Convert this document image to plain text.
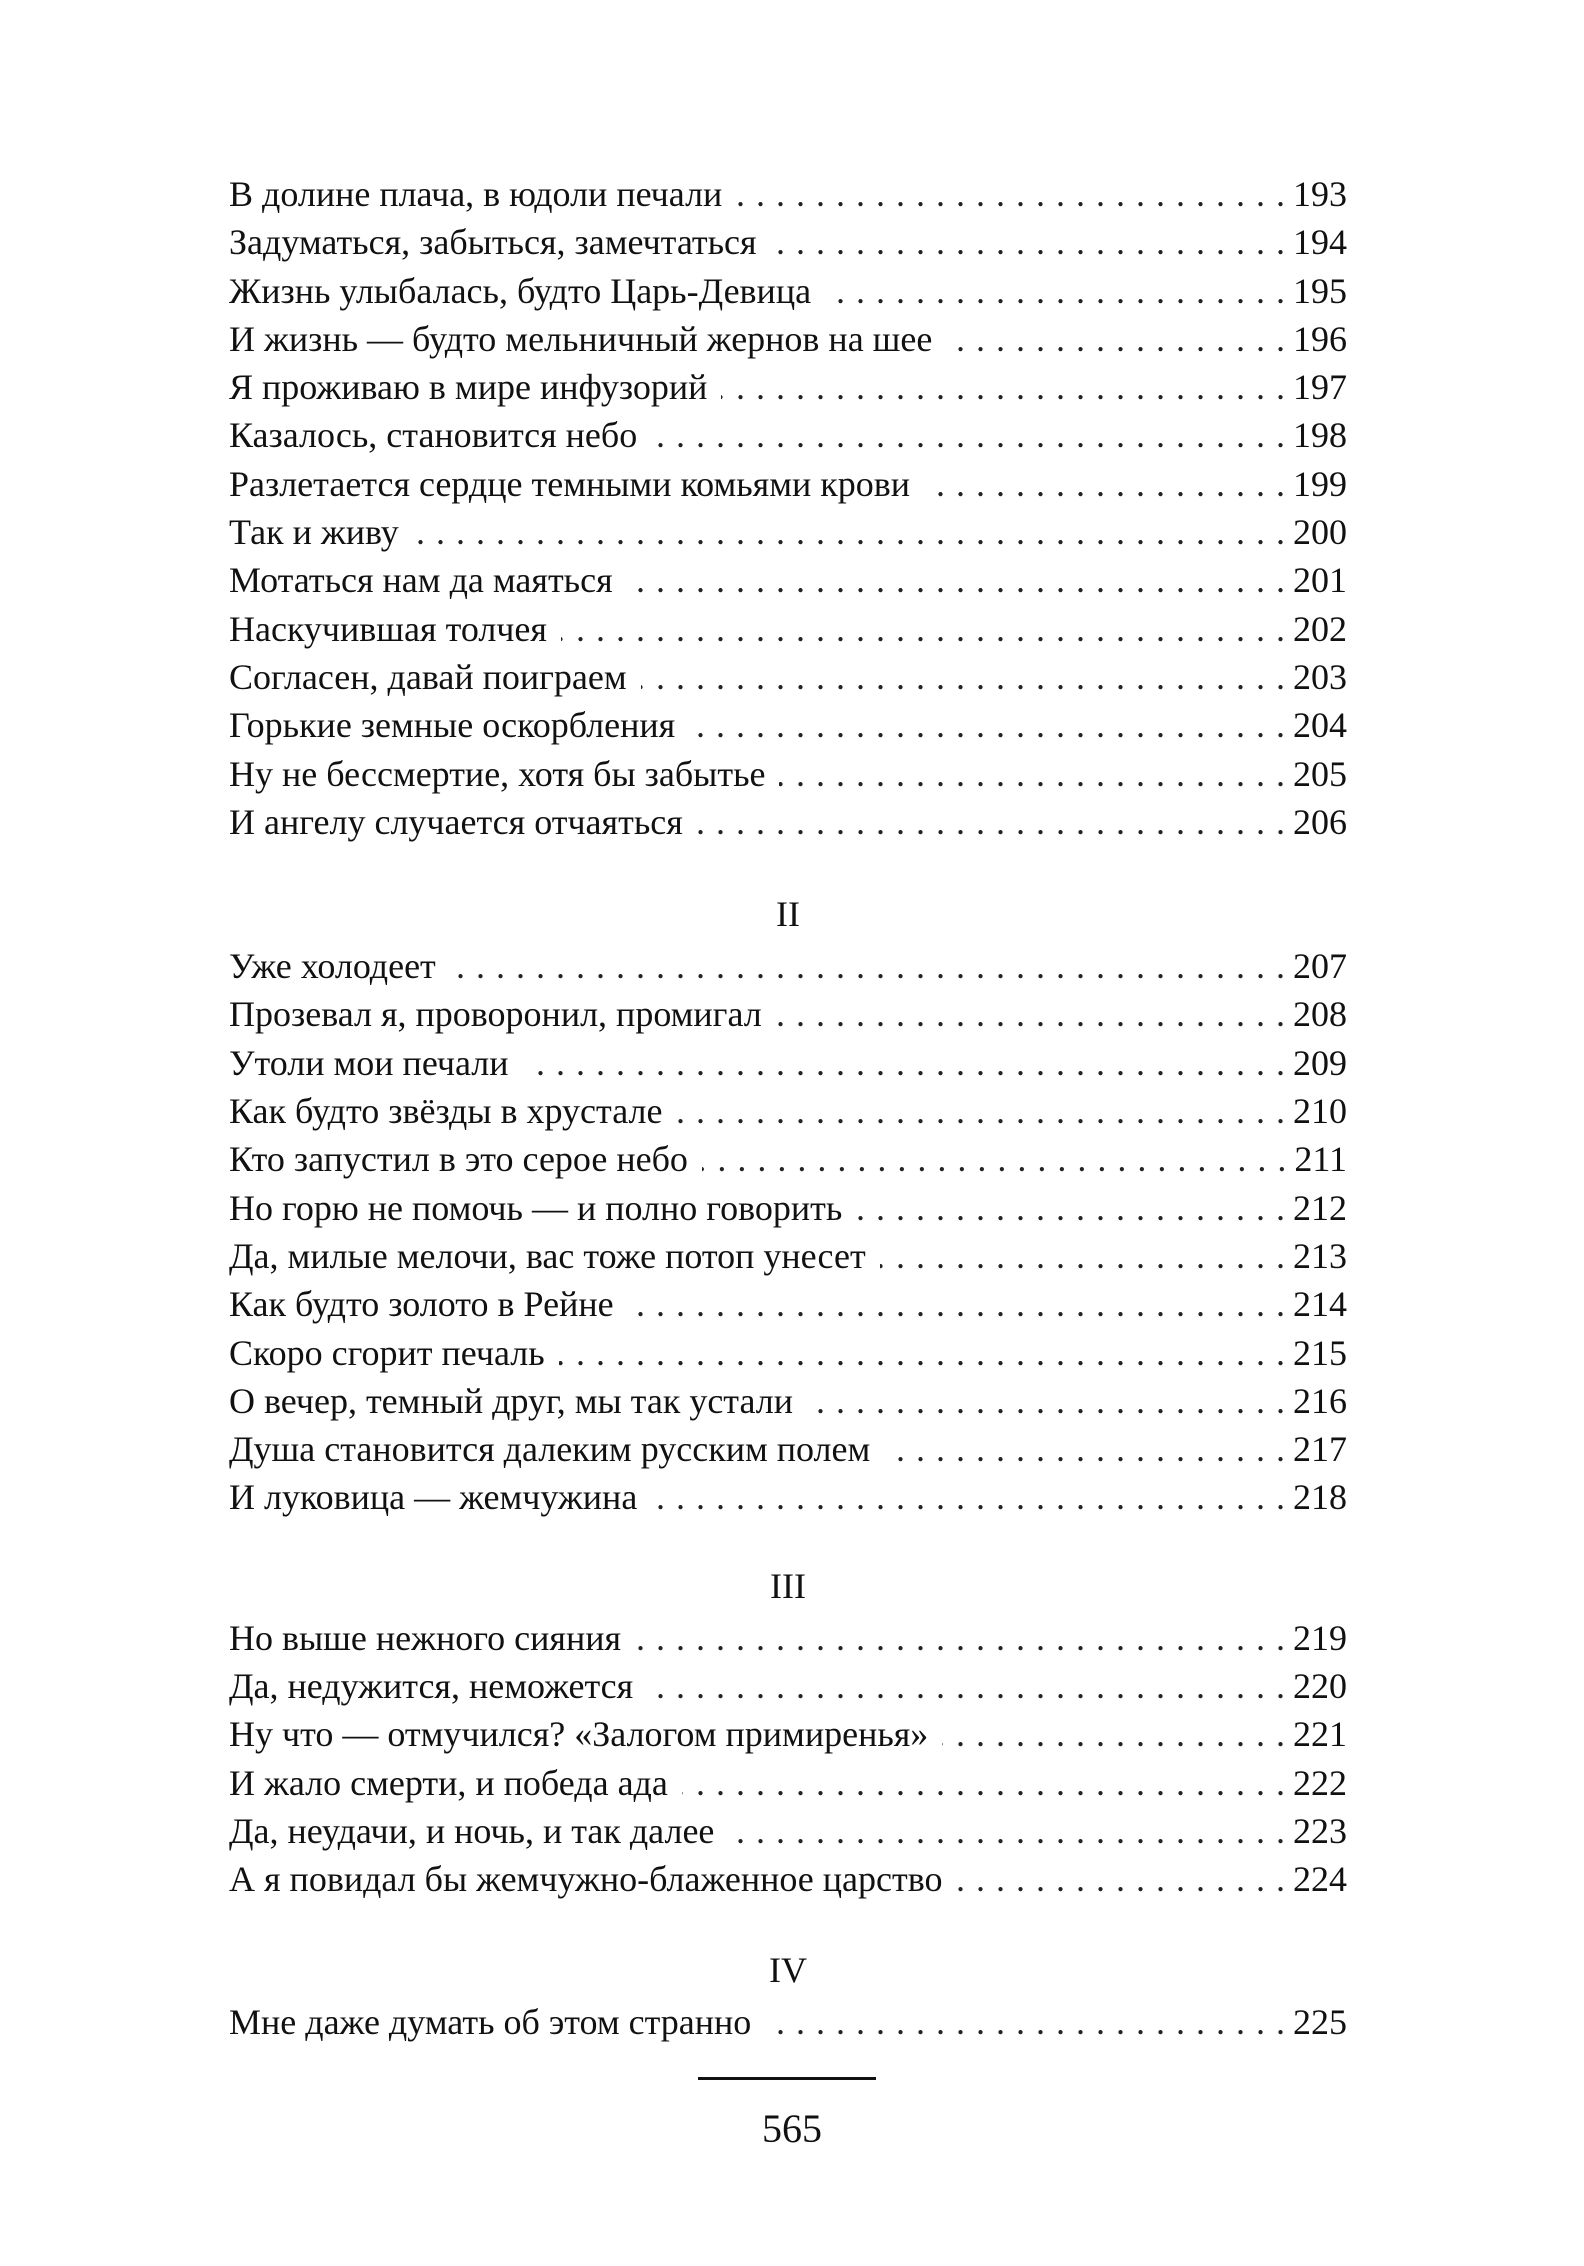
В долине плача, в юдоли печали . . .	193
Задуматься, забыться, замечтаться . . .	194
Жизнь улыбалась, будто Царь-Девица . . .	195
И жизнь — будто мельничный жернов на шее . . .	196
Я проживаю в мире инфузорий . . .	197
Казалось, становится небо . . .	198
Разлетается сердце темными комьями крови . . .	199
Так и живу . . .	200
Мотаться нам да маяться . . .	201
Наскучившая толчея . . .	202
Согласен, давай поиграем . . .	203
Горькие земные оскорбления . . .	204
Ну не бессмертие, хотя бы забытье . . .	205
И ангелу случается отчаяться . . .	206
II
Уже холодеет . . .	207
Прозевал я, проворонил, промигал . . .	208
Утоли мои печали . . .	209
Как будто звёзды в хрустале . . .	210
Кто запустил в это серое небо . . .	211
Но горю не помочь — и полно говорить . . .	212
Да, милые мелочи, вас тоже потоп унесет . . .	213
Как будто золото в Рейне . . .	214
Скоро сгорит печаль . . .	215
О вечер, темный друг, мы так устали . . .	216
Душа становится далеким русским полем . . .	217
И луковица — жемчужина . . .	218
III
Но выше нежного сияния . . .	219
Да, недужится, неможется . . .	220
Ну что — отмучился? «Залогом примиренья» . . .	221
И жало смерти, и победа ада . . .	222
Да, неудачи, и ночь, и так далее . . .	223
А я повидал бы жемчужно-блаженное царство . . .	224
IV
Мне даже думать об этом странно . . .	225
565
